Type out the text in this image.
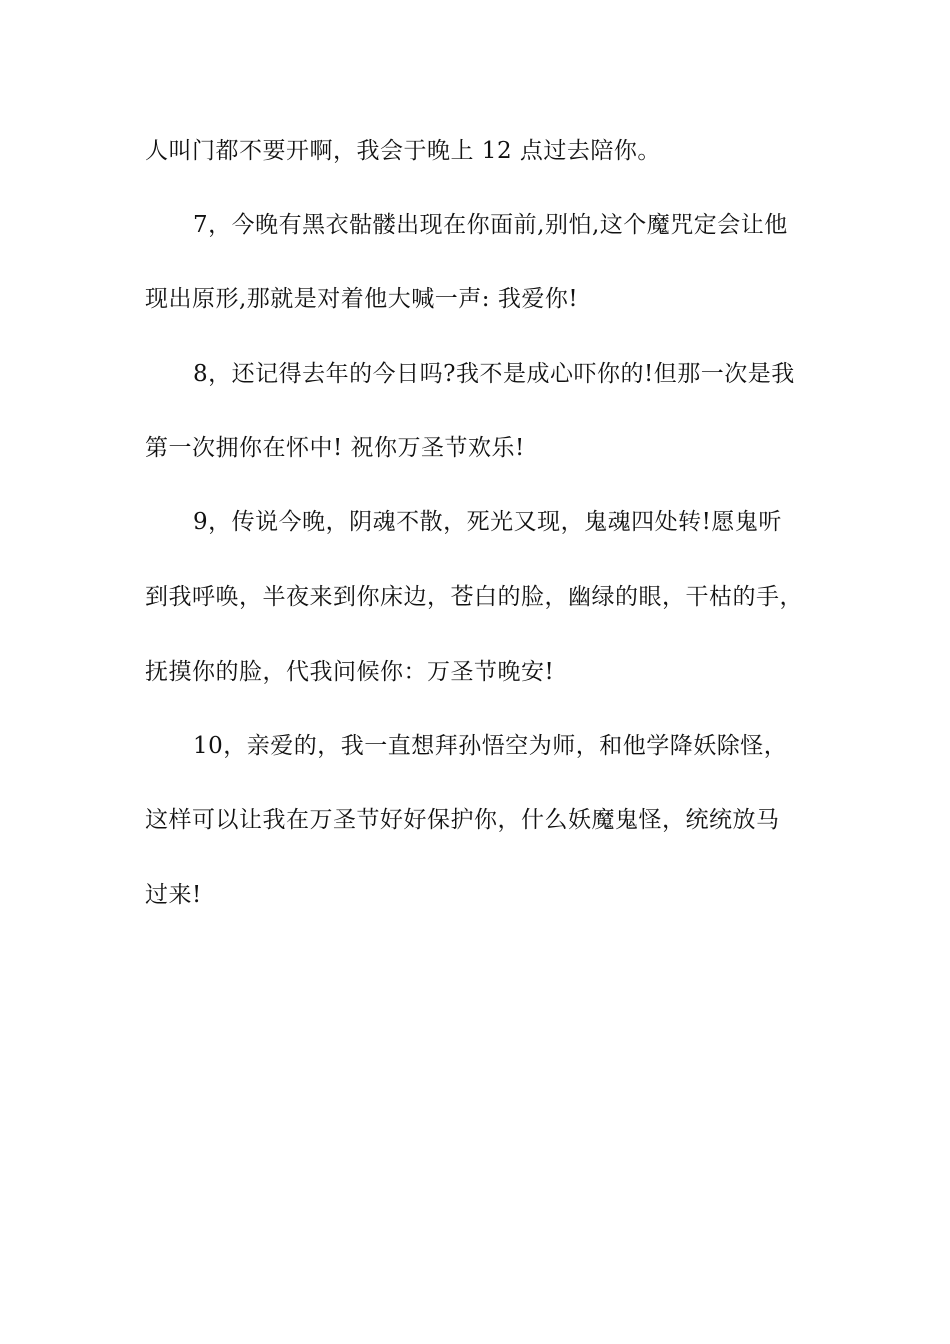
人叫门都不要开啊，我会于晚上 12 点过去陪你。
7，今晚有黑衣骷髅出现在你面前,别怕,这个魔咒定会让他
现出原形,那就是对着他大喊一声: 我爱你!
8，还记得去年的今日吗?我不是成心吓你的!但那一次是我
第一次拥你在怀中! 祝你万圣节欢乐!
9，传说今晚，阴魂不散，死光又现，鬼魂四处转!愿鬼听
到我呼唤，半夜来到你床边，苍白的脸，幽绿的眼，干枯的手，
抚摸你的脸，代我问候你：万圣节晚安!
10，亲爱的，我一直想拜孙悟空为师，和他学降妖除怪，
这样可以让我在万圣节好好保护你，什么妖魔鬼怪，统统放马
过来!
